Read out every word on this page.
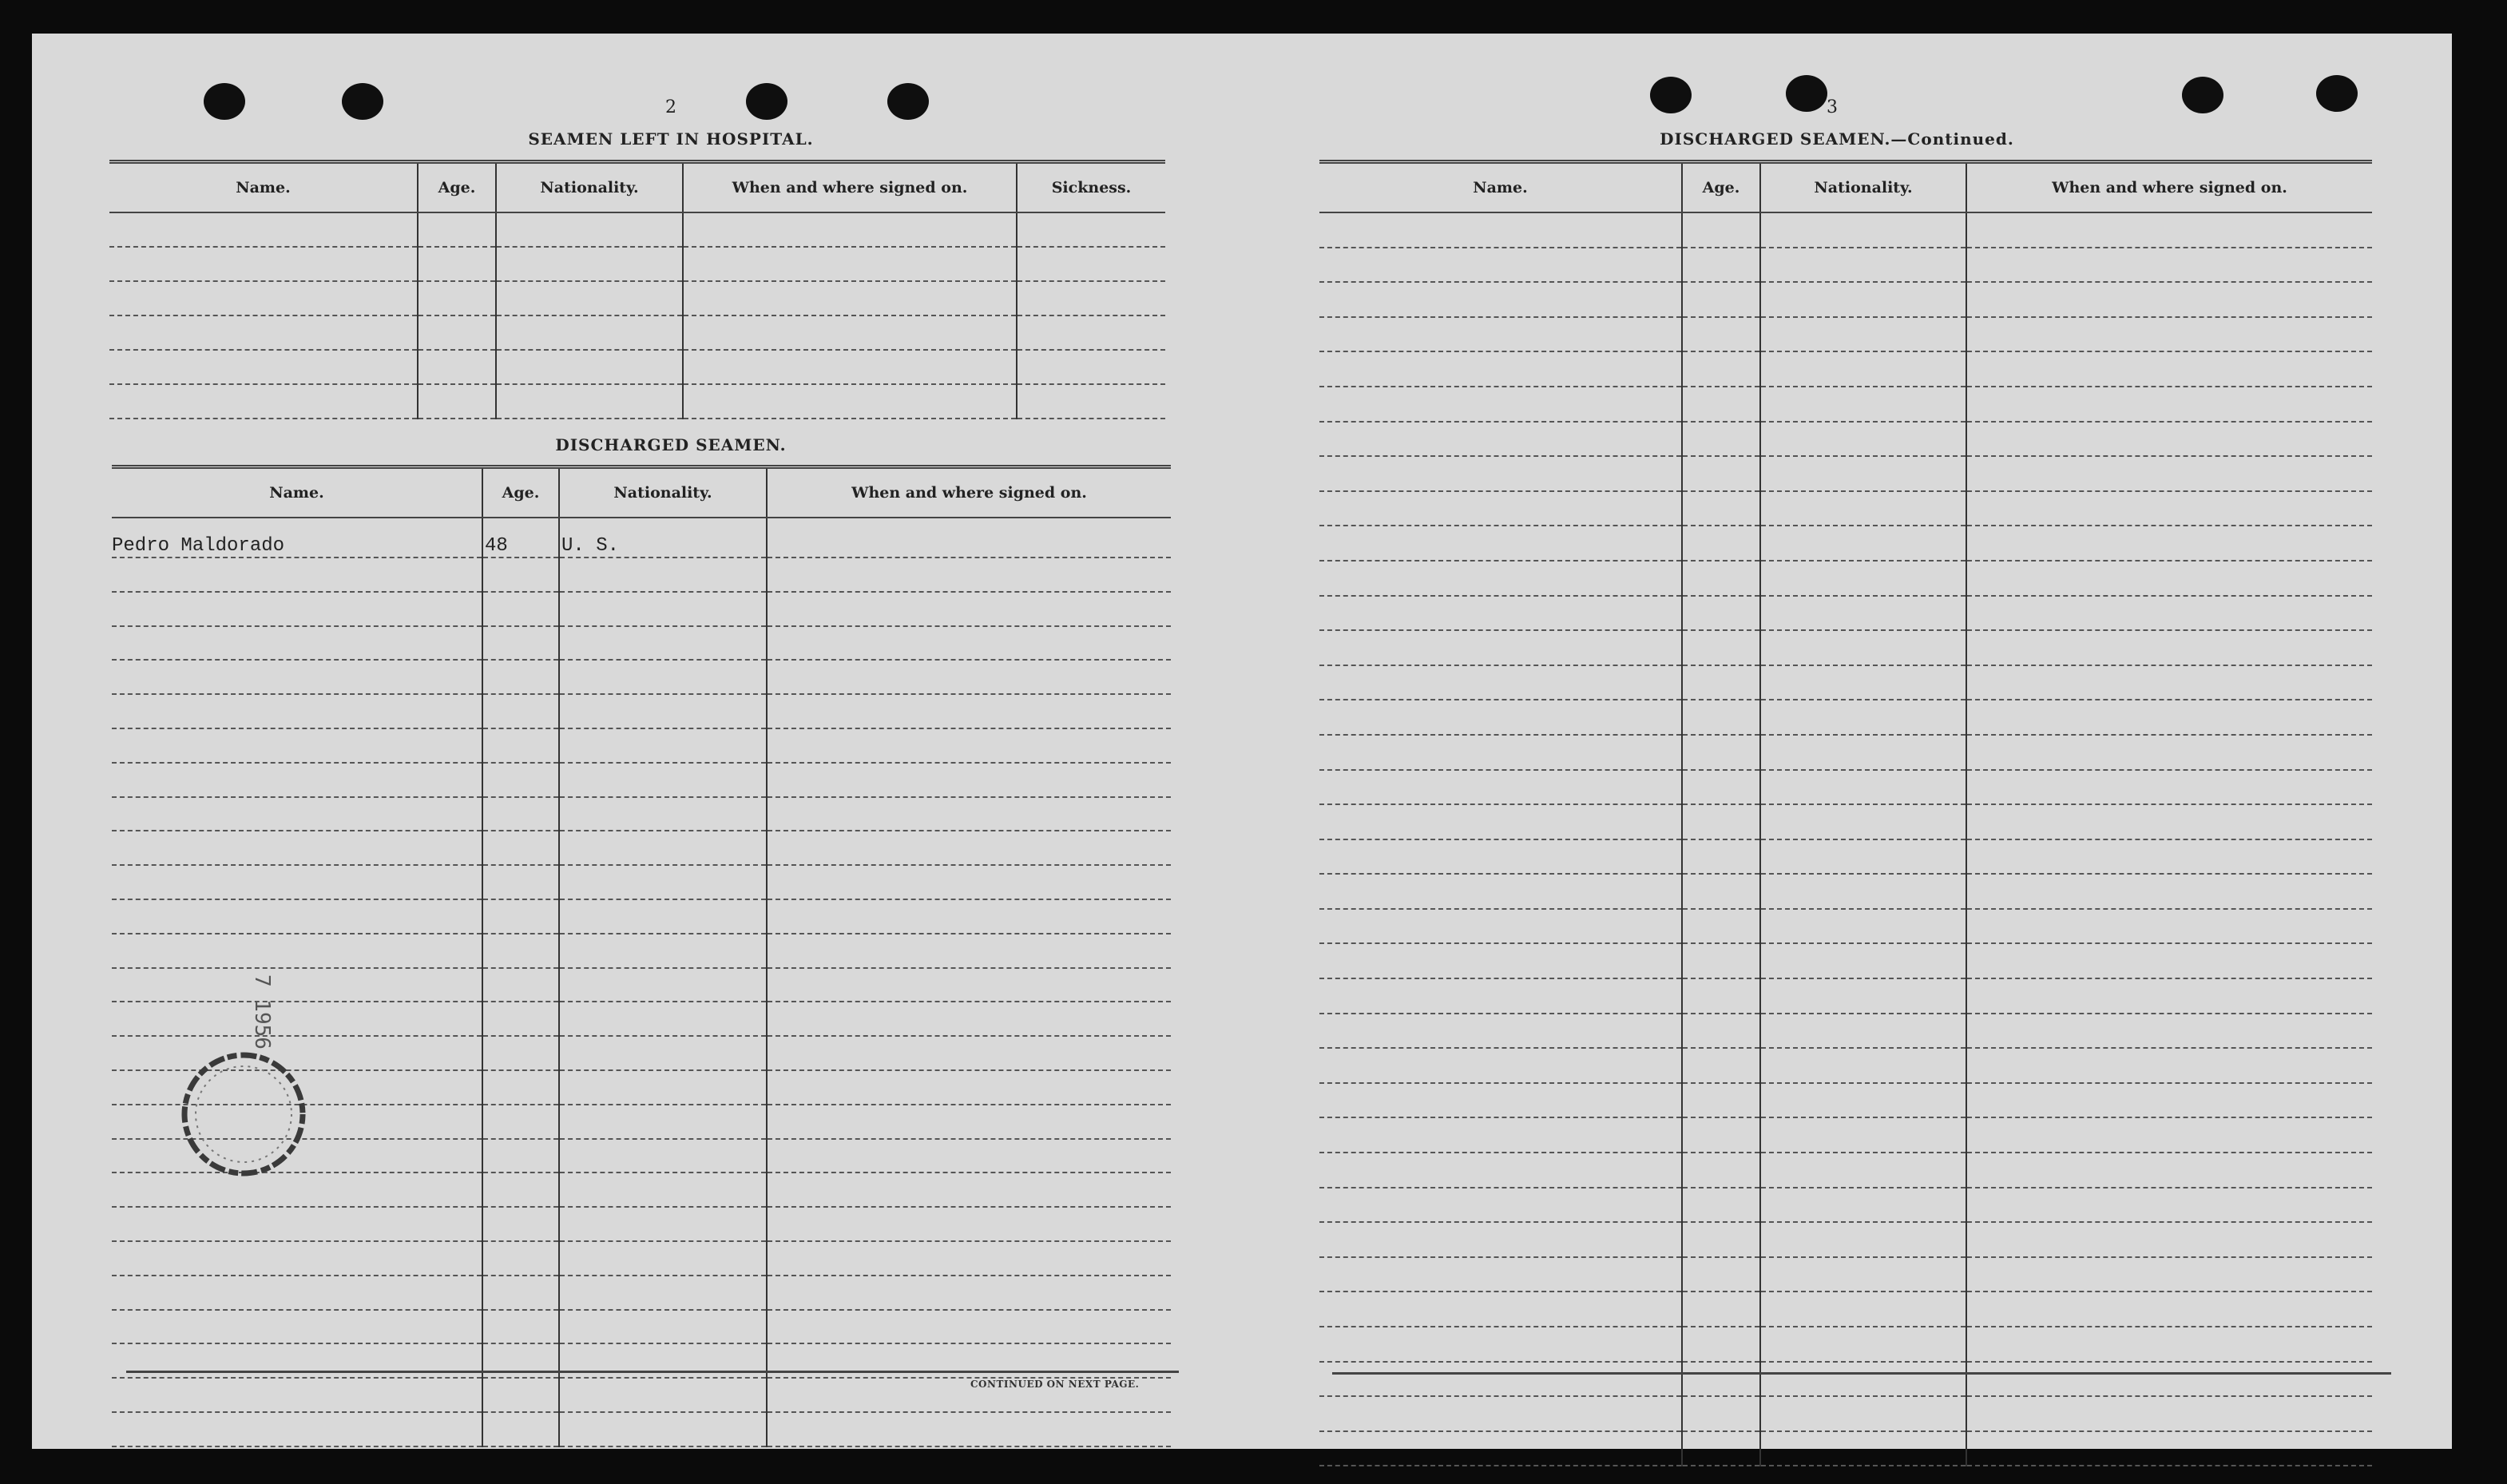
2
SEAMEN LEFT IN HOSPITAL.
Name.	Age.	Nationality.	When and where signed on.	Sickness.

DISCHARGED SEAMEN.
Name.	Age.	Nationality.	When and where signed on.
Pedro Maldorado	48	U. S.	

CONTINUED ON NEXT PAGE.
7 1956
3
DISCHARGED SEAMEN.—Continued.
Name.	Age.	Nationality.	When and where signed on.
